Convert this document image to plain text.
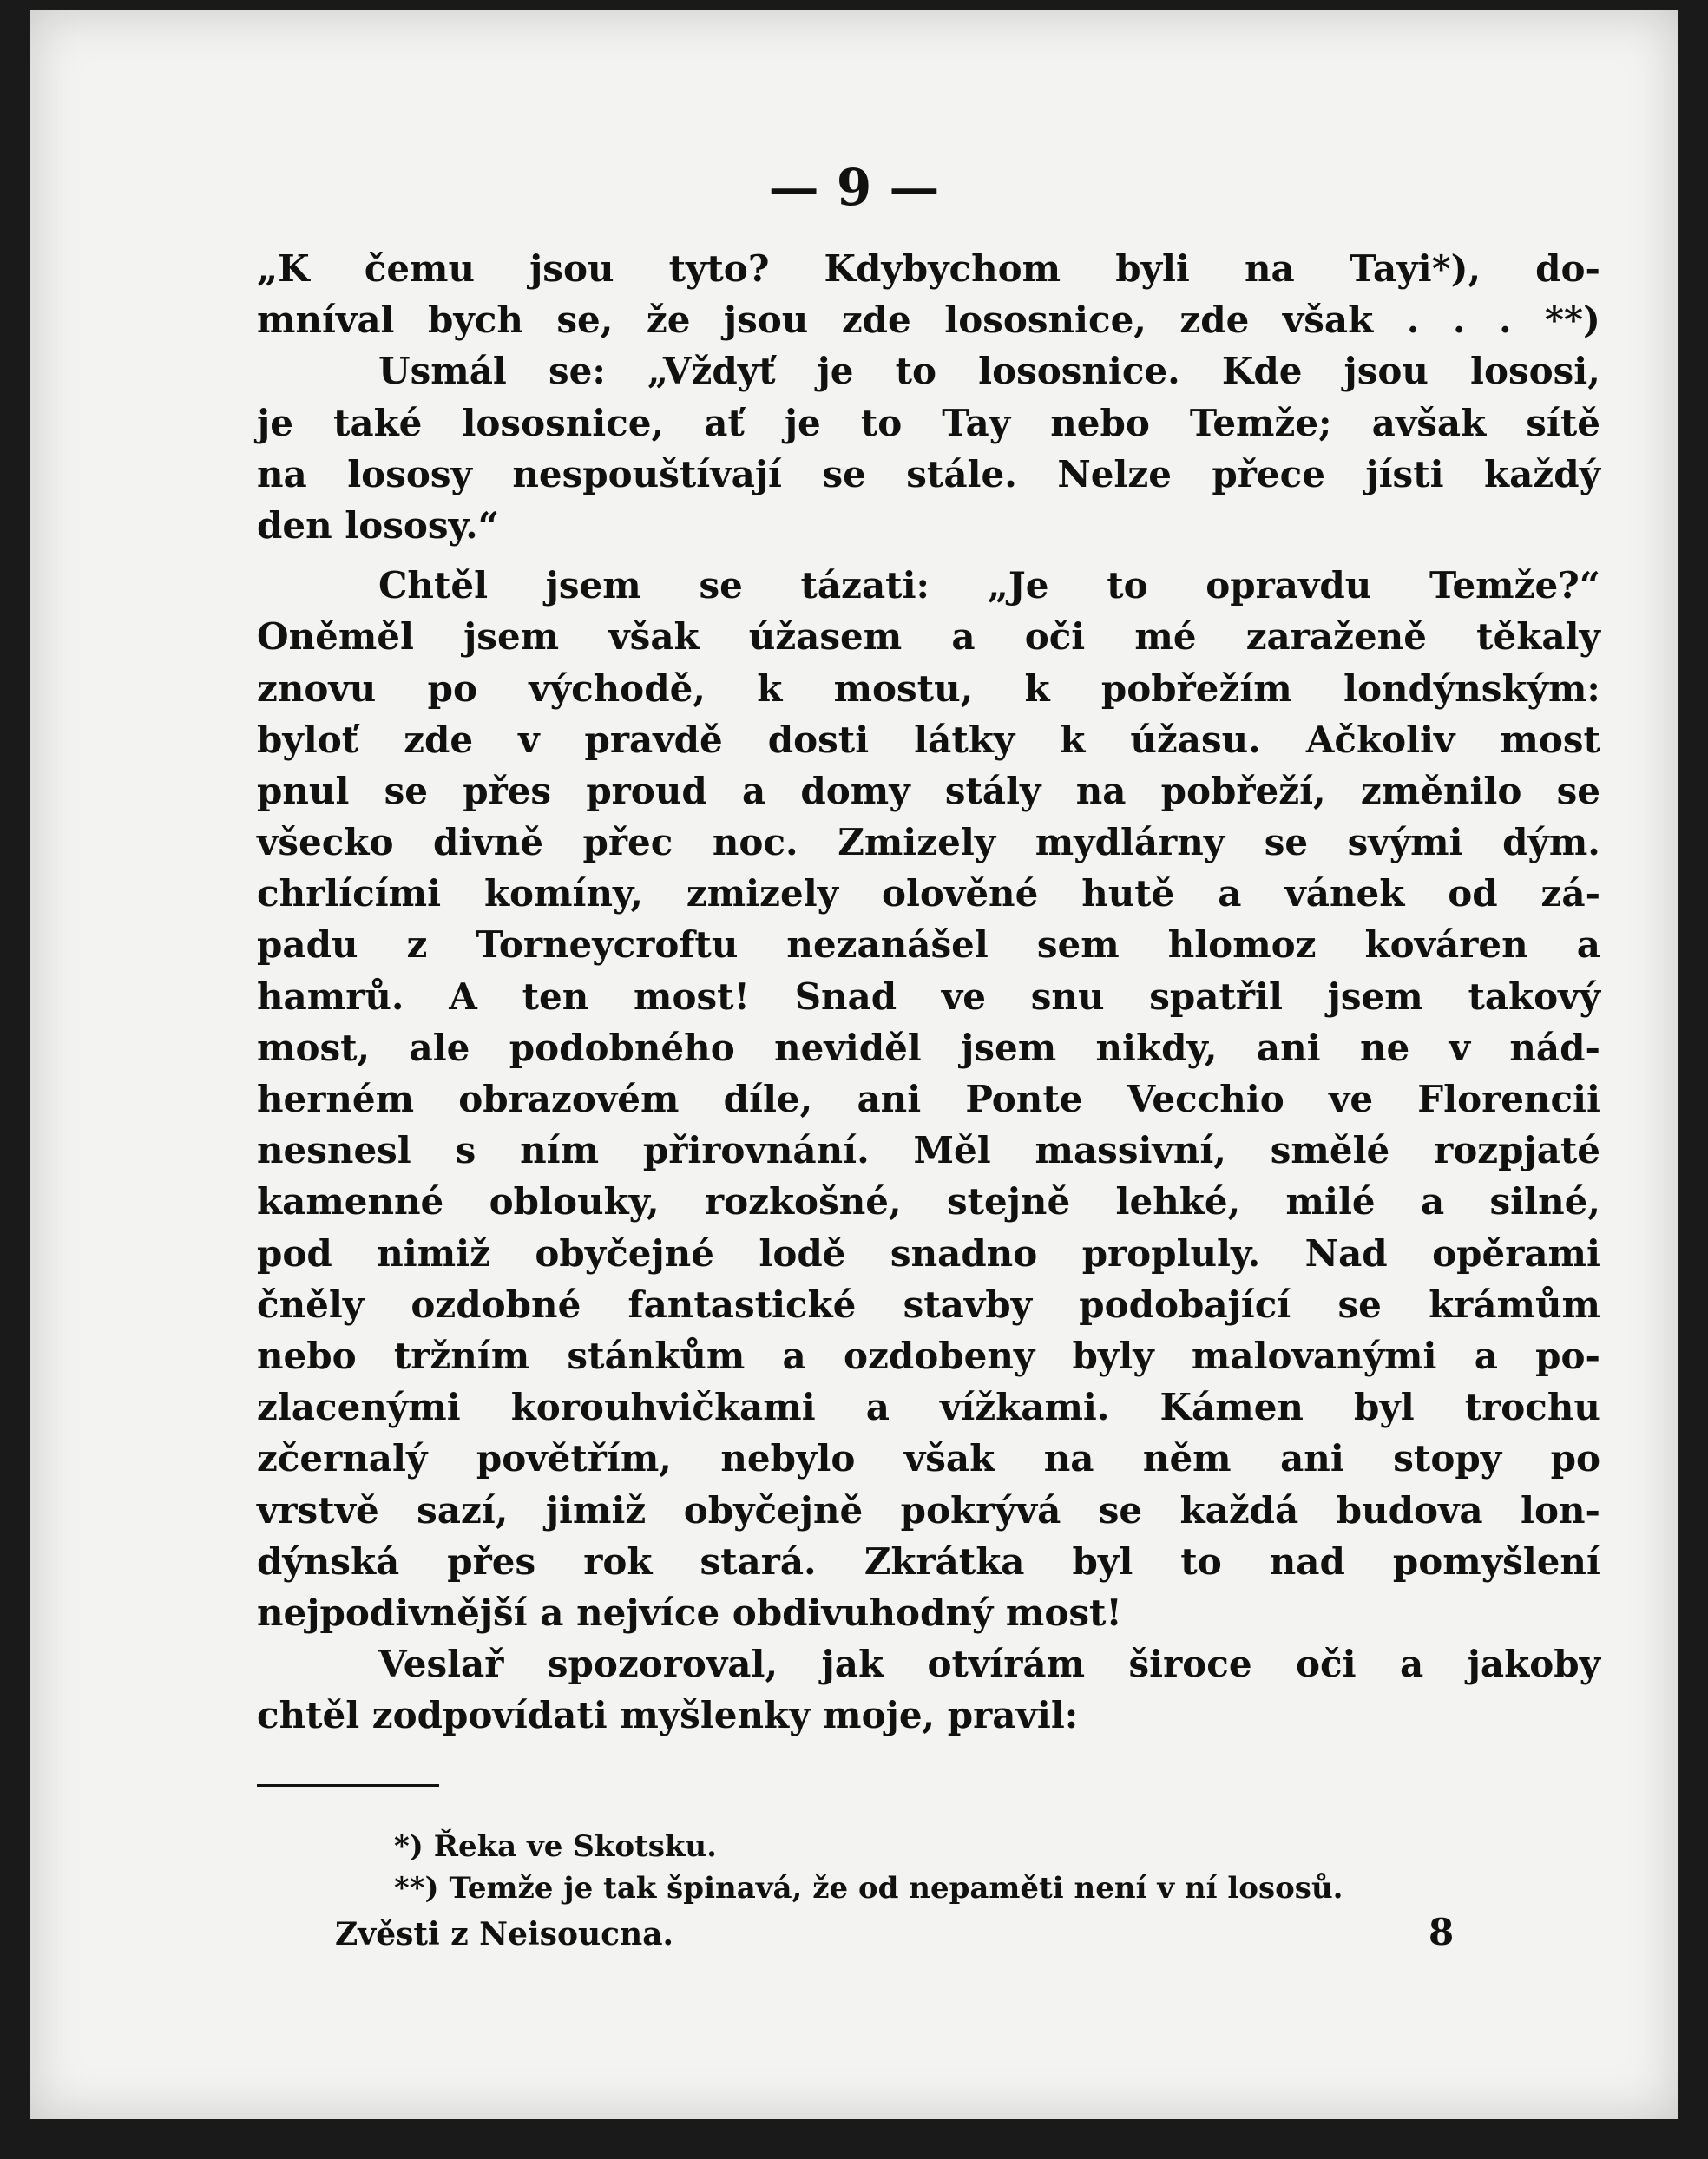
— 9 —
„K čemu jsou tyto? Kdybychom byli na Tayi*), do-
mníval bych se, že jsou zde lososnice, zde však . . . **)
Usmál se: „Vždyť je to lososnice. Kde jsou lososi,
je také lososnice, ať je to Tay nebo Temže; avšak sítě
na lososy nespouštívají se stále. Nelze přece jísti každý
den lososy.“
Chtěl jsem se tázati: „Je to opravdu Temže?“
Oněměl jsem však úžasem a oči mé zaraženě těkaly
znovu po východě, k mostu, k pobřežím londýnským:
byloť zde v pravdě dosti látky k úžasu. Ačkoliv most
pnul se přes proud a domy stály na pobřeží, změnilo se
všecko divně přec noc. Zmizely mydlárny se svými dým.
chrlícími komíny, zmizely olověné hutě a vánek od zá-
padu z Torneycroftu nezanášel sem hlomoz kováren a
hamrů. A ten most! Snad ve snu spatřil jsem takový
most, ale podobného neviděl jsem nikdy, ani ne v nád-
herném obrazovém díle, ani Ponte Vecchio ve Florencii
nesnesl s ním přirovnání. Měl massivní, smělé rozpjaté
kamenné oblouky, rozkošné, stejně lehké, milé a silné,
pod nimiž obyčejné lodě snadno propluly. Nad opěrami
čněly ozdobné fantastické stavby podobající se krámům
nebo tržním stánkům a ozdobeny byly malovanými a po-
zlacenými korouhvičkami a vížkami. Kámen byl trochu
zčernalý povětřím, nebylo však na něm ani stopy po
vrstvě sazí, jimiž obyčejně pokrývá se každá budova lon-
dýnská přes rok stará. Zkrátka byl to nad pomyšlení
nejpodivnější a nejvíce obdivuhodný most!
Veslař spozoroval, jak otvírám široce oči a jakoby
chtěl zodpovídati myšlenky moje, pravil:
*) Řeka ve Skotsku.
**) Temže je tak špinavá, že od nepaměti není v ní lososů.
Zvěsti z Neisoucna.	8
